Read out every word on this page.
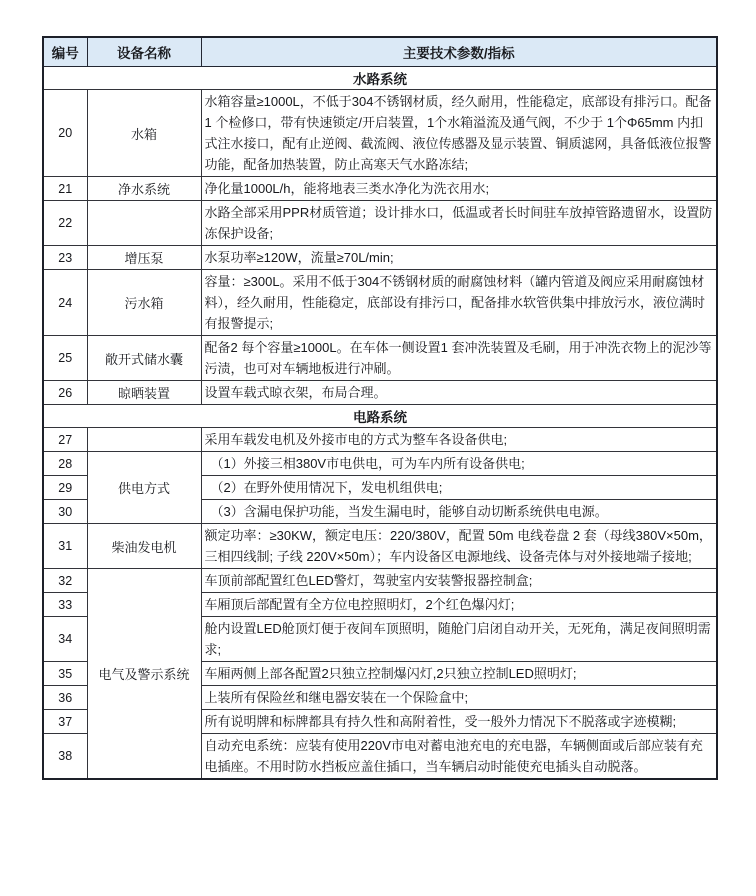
编号	设备名称	主要技术参数/指标
水路系统		
20	水箱	水箱容量≥1000L，不低于304不锈钢材质，经久耐用，性能稳定，底部设有排污口。配备1 个检修口，带有快速锁定/开启装置，1个水箱溢流及通气阀，不少于 1个Φ65mm 内扣式注水接口，配有止逆阀、截流阀、液位传感器及显示装置、铜质滤网，具备低液位报警功能，配备加热装置，防止高寒天气水路冻结;
21	净水系统	净化量1000L/h，能将地表三类水净化为洗衣用水;
22		水路全部采用PPR材质管道；设计排水口，低温或者长时间驻车放掉管路遗留水，设置防冻保护设备;
23	增压泵	水泵功率≥120W，流量≥70L/min;
24	污水箱	容量：≥300L。采用不低于304不锈钢材质的耐腐蚀材料（罐内管道及阀应采用耐腐蚀材料），经久耐用，性能稳定，底部设有排污口，配备排水软管供集中排放污水，液位满时有报警提示;
25	敞开式储水囊	配备2 每个容量≥1000L。在车体一侧设置1 套冲洗装置及毛刷，用于冲洗衣物上的泥沙等污渍，也可对车辆地板进行冲刷。
26	晾晒装置	设置车载式晾衣架，布局合理。
电路系统		
27		采用车载发电机及外接市电的方式为整车各设备供电;
28	供电方式	（1）外接三相380V市电供电，可为车内所有设备供电;
29		（2）在野外使用情况下，发电机组供电;
30		（3）含漏电保护功能，当发生漏电时，能够自动切断系统供电电源。
31	柴油发电机	额定功率：≥30KW，额定电压：220/380V，配置 50m 电线卷盘 2 套（母线380V×50m，三相四线制; 子线 220V×50m）；车内设备区电源地线、设备壳体与对外接地端子接地;
32	电气及警示系统	车顶前部配置红色LED警灯，驾驶室内安装警报器控制盒;
33		车厢顶后部配置有全方位电控照明灯，2个红色爆闪灯;
34		舱内设置LED舱顶灯便于夜间车顶照明，随舱门启闭自动开关，无死角，满足夜间照明需求;
35		车厢两侧上部各配置2只独立控制爆闪灯,2只独立控制LED照明灯;
36		上装所有保险丝和继电器安装在一个保险盒中;
37		所有说明牌和标牌都具有持久性和高附着性，受一般外力情况下不脱落或字迹模糊;
38		自动充电系统：应装有使用220V市电对蓄电池充电的充电器，车辆侧面或后部应装有充电插座。不用时防水挡板应盖住插口，当车辆启动时能使充电插头自动脱落。
